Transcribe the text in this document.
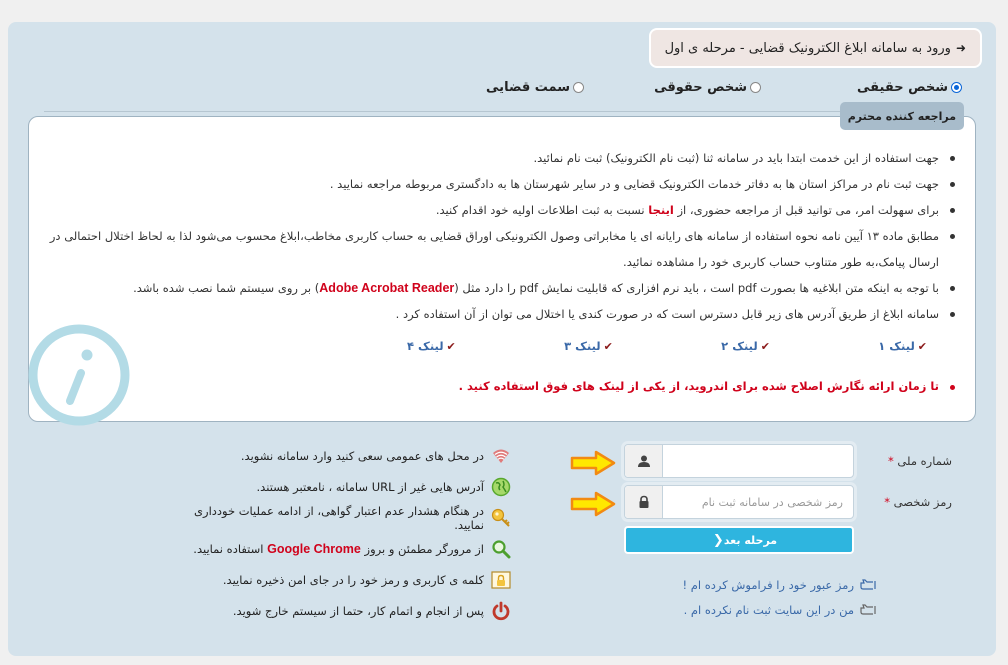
➜
ورود به سامانه ابلاغ الکترونیک قضایی - مرحله ی اول
شخص حقیقی
شخص حقوقی
سمت قضایی
مراجعه کننده محترم
جهت استفاده از این خدمت ابتدا باید در سامانه ثنا (ثبت نام الکترونیک) ثبت نام نمائید.
جهت ثبت نام در مراکز استان ها به دفاتر خدمات الکترونیک قضایی و در سایر شهرستان ها به دادگستری مربوطه مراجعه نمایید .
برای سهولت امر، می توانید قبل از مراجعه حضوری، از اینجا نسبت به ثبت اطلاعات اولیه خود اقدام کنید.
مطابق ماده ۱۳ آیین نامه نحوه استفاده از سامانه های رایانه ای یا مخابراتی وصول الکترونیکی اوراق قضایی به حساب کاربری مخاطب،ابلاغ محسوب می‌شود لذا به لحاظ اختلال احتمالی در ارسال پیامک،به طور متناوب حساب کاربری خود را مشاهده نمائید.
با توجه به اینکه متن ابلاغیه ها بصورت pdf است ، باید نرم افزاری که قابلیت نمایش pdf را دارد مثل (Adobe Acrobat Reader) بر روی سیستم شما نصب شده باشد.
سامانه ابلاغ از طریق آدرس های زیر قابل دسترس است که در صورت کندی یا اختلال می توان از آن استفاده کرد .
✔
لینک ۱
✔
لینک ۲
✔
لینک ۳
✔
لینک ۴
تا زمان ارائه نگارش اصلاح شده برای اندروید، از یکی از لینک های فوق استفاده کنید .
شماره ملی *
رمز شخصی *
مرحله بعد
❮
رمز عبور خود را فراموش کرده ام !
من در این سایت ثبت نام نکرده ام .
در محل های عمومی سعی کنید وارد سامانه نشوید.
آدرس هایی غیر از URL سامانه ، نامعتبر هستند.
در هنگام هشدار عدم اعتبار گواهی، از ادامه عملیات خودداری نمایید.
از مرورگر مطمئن و بروز Google Chrome استفاده نمایید.
کلمه ی کاربری و رمز خود را در جای امن ذخیره نمایید.
پس از انجام و اتمام کار، حتما از سیستم خارج شوید.
